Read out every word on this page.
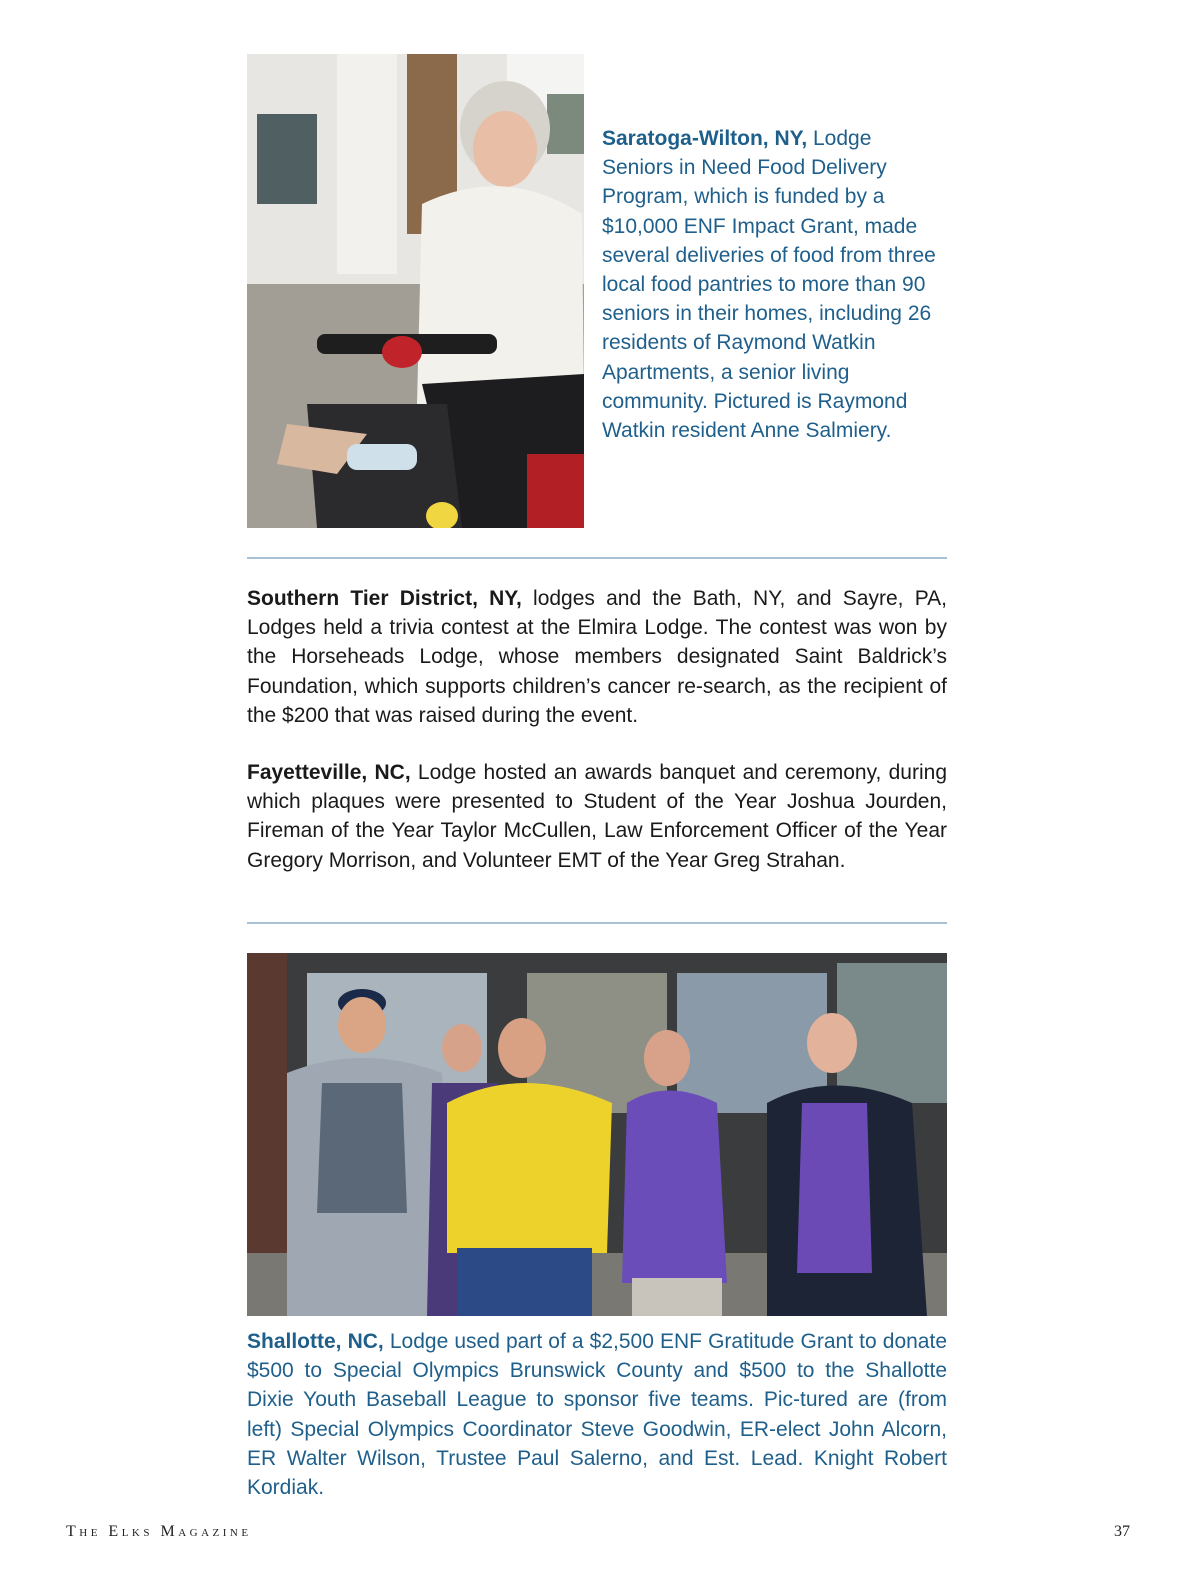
Saratoga-Wilton, NY, Lodge Seniors in Need Food Delivery Program, which is funded by a $10,000 ENF Impact Grant, made several deliveries of food from three local food pantries to more than 90 seniors in their homes, including 26 residents of Raymond Watkin Apartments, a senior living community. Pictured is Raymond Watkin resident Anne Salmiery.

Southern Tier District, NY, lodges and the Bath, NY, and Sayre, PA, Lodges held a trivia contest at the Elmira Lodge. The contest was won by the Horseheads Lodge, whose members designated Saint Baldrick’s Foundation, which supports children’s cancer re-search, as the recipient of the $200 that was raised during the event.

Fayetteville, NC, Lodge hosted an awards banquet and ceremony, during which plaques were presented to Student of the Year Joshua Jourden, Fireman of the Year Taylor McCullen, Law Enforcement Officer of the Year Gregory Morrison, and Volunteer EMT of the Year Greg Strahan.

Shallotte, NC, Lodge used part of a $2,500 ENF Gratitude Grant to donate $500 to Special Olympics Brunswick County and $500 to the Shallotte Dixie Youth Baseball League to sponsor five teams. Pic-tured are (from left) Special Olympics Coordinator Steve Goodwin, ER-elect John Alcorn, ER Walter Wilson, Trustee Paul Salerno, and Est. Lead. Knight Robert Kordiak.

The Elks Magazine	37
